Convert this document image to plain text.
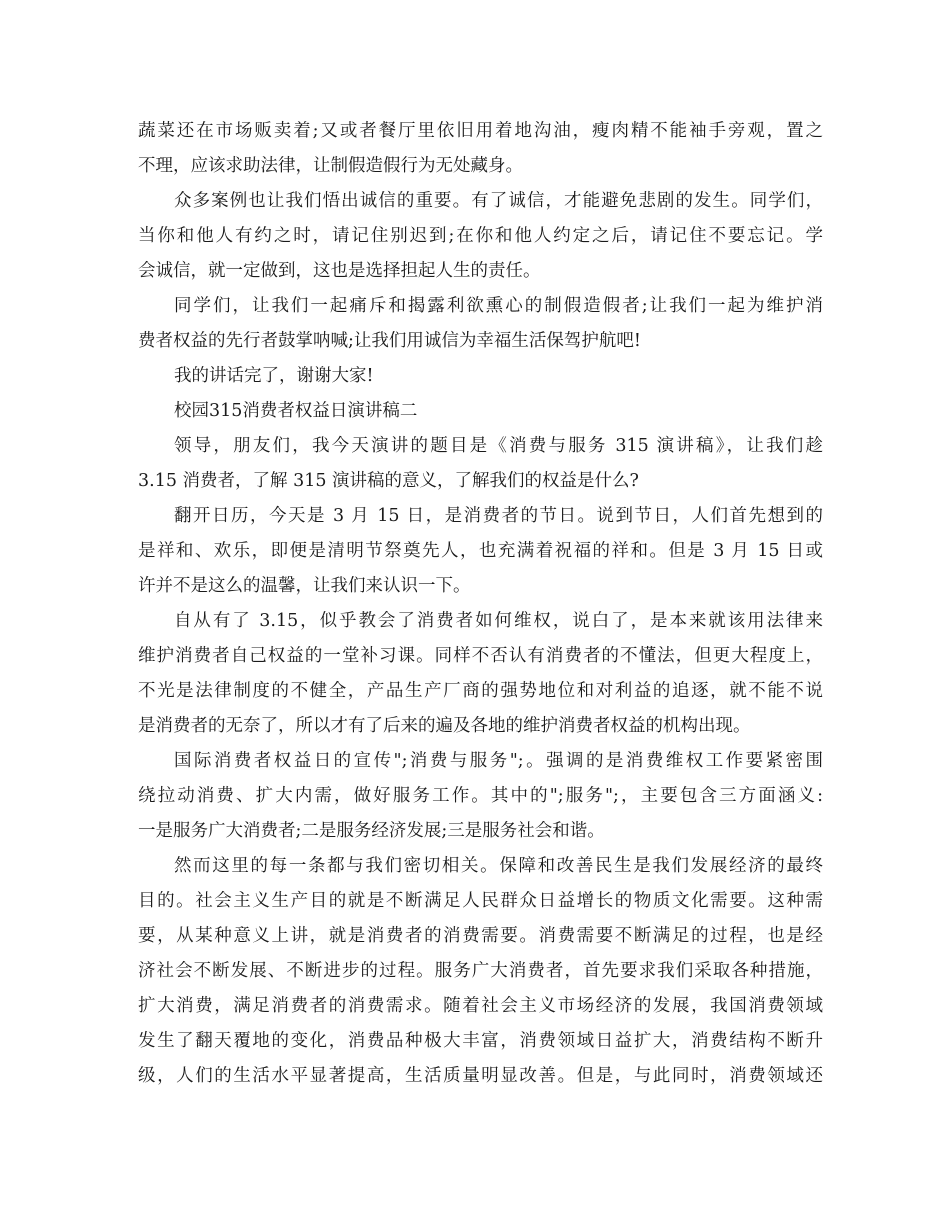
蔬菜还在市场贩卖着;又或者餐厅里依旧用着地沟油，瘦肉精不能袖手旁观，置之
不理，应该求助法律，让制假造假行为无处藏身。
众多案例也让我们悟出诚信的重要。有了诚信，才能避免悲剧的发生。同学们，
当你和他人有约之时，请记住别迟到;在你和他人约定之后，请记住不要忘记。学
会诚信，就一定做到，这也是选择担起人生的责任。
同学们，让我们一起痛斥和揭露利欲熏心的制假造假者;让我们一起为维护消
费者权益的先行者鼓掌呐喊;让我们用诚信为幸福生活保驾护航吧!
我的讲话完了，谢谢大家!
校园315消费者权益日演讲稿二
领导，朋友们，我今天演讲的题目是《消费与服务 315 演讲稿》，让我们趁
3.15 消费者，了解 315 演讲稿的意义，了解我们的权益是什么?
翻开日历，今天是 3 月 15 日，是消费者的节日。说到节日，人们首先想到的
是祥和、欢乐，即便是清明节祭奠先人，也充满着祝福的祥和。但是 3 月 15 日或
许并不是这么的温馨，让我们来认识一下。
自从有了 3.15，似乎教会了消费者如何维权，说白了，是本来就该用法律来
维护消费者自己权益的一堂补习课。同样不否认有消费者的不懂法，但更大程度上，
不光是法律制度的不健全，产品生产厂商的强势地位和对利益的追逐，就不能不说
是消费者的无奈了，所以才有了后来的遍及各地的维护消费者权益的机构出现。
国际消费者权益日的宣传";消费与服务";。强调的是消费维权工作要紧密围
绕拉动消费、扩大内需，做好服务工作。其中的";服务";，主要包含三方面涵义:
一是服务广大消费者;二是服务经济发展;三是服务社会和谐。
然而这里的每一条都与我们密切相关。保障和改善民生是我们发展经济的最终
目的。社会主义生产目的就是不断满足人民群众日益增长的物质文化需要。这种需
要，从某种意义上讲，就是消费者的消费需要。消费需要不断满足的过程，也是经
济社会不断发展、不断进步的过程。服务广大消费者，首先要求我们采取各种措施，
扩大消费，满足消费者的消费需求。随着社会主义市场经济的发展，我国消费领域
发生了翻天覆地的变化，消费品种极大丰富，消费领域日益扩大，消费结构不断升
级，人们的生活水平显著提高，生活质量明显改善。但是，与此同时，消费领域还
